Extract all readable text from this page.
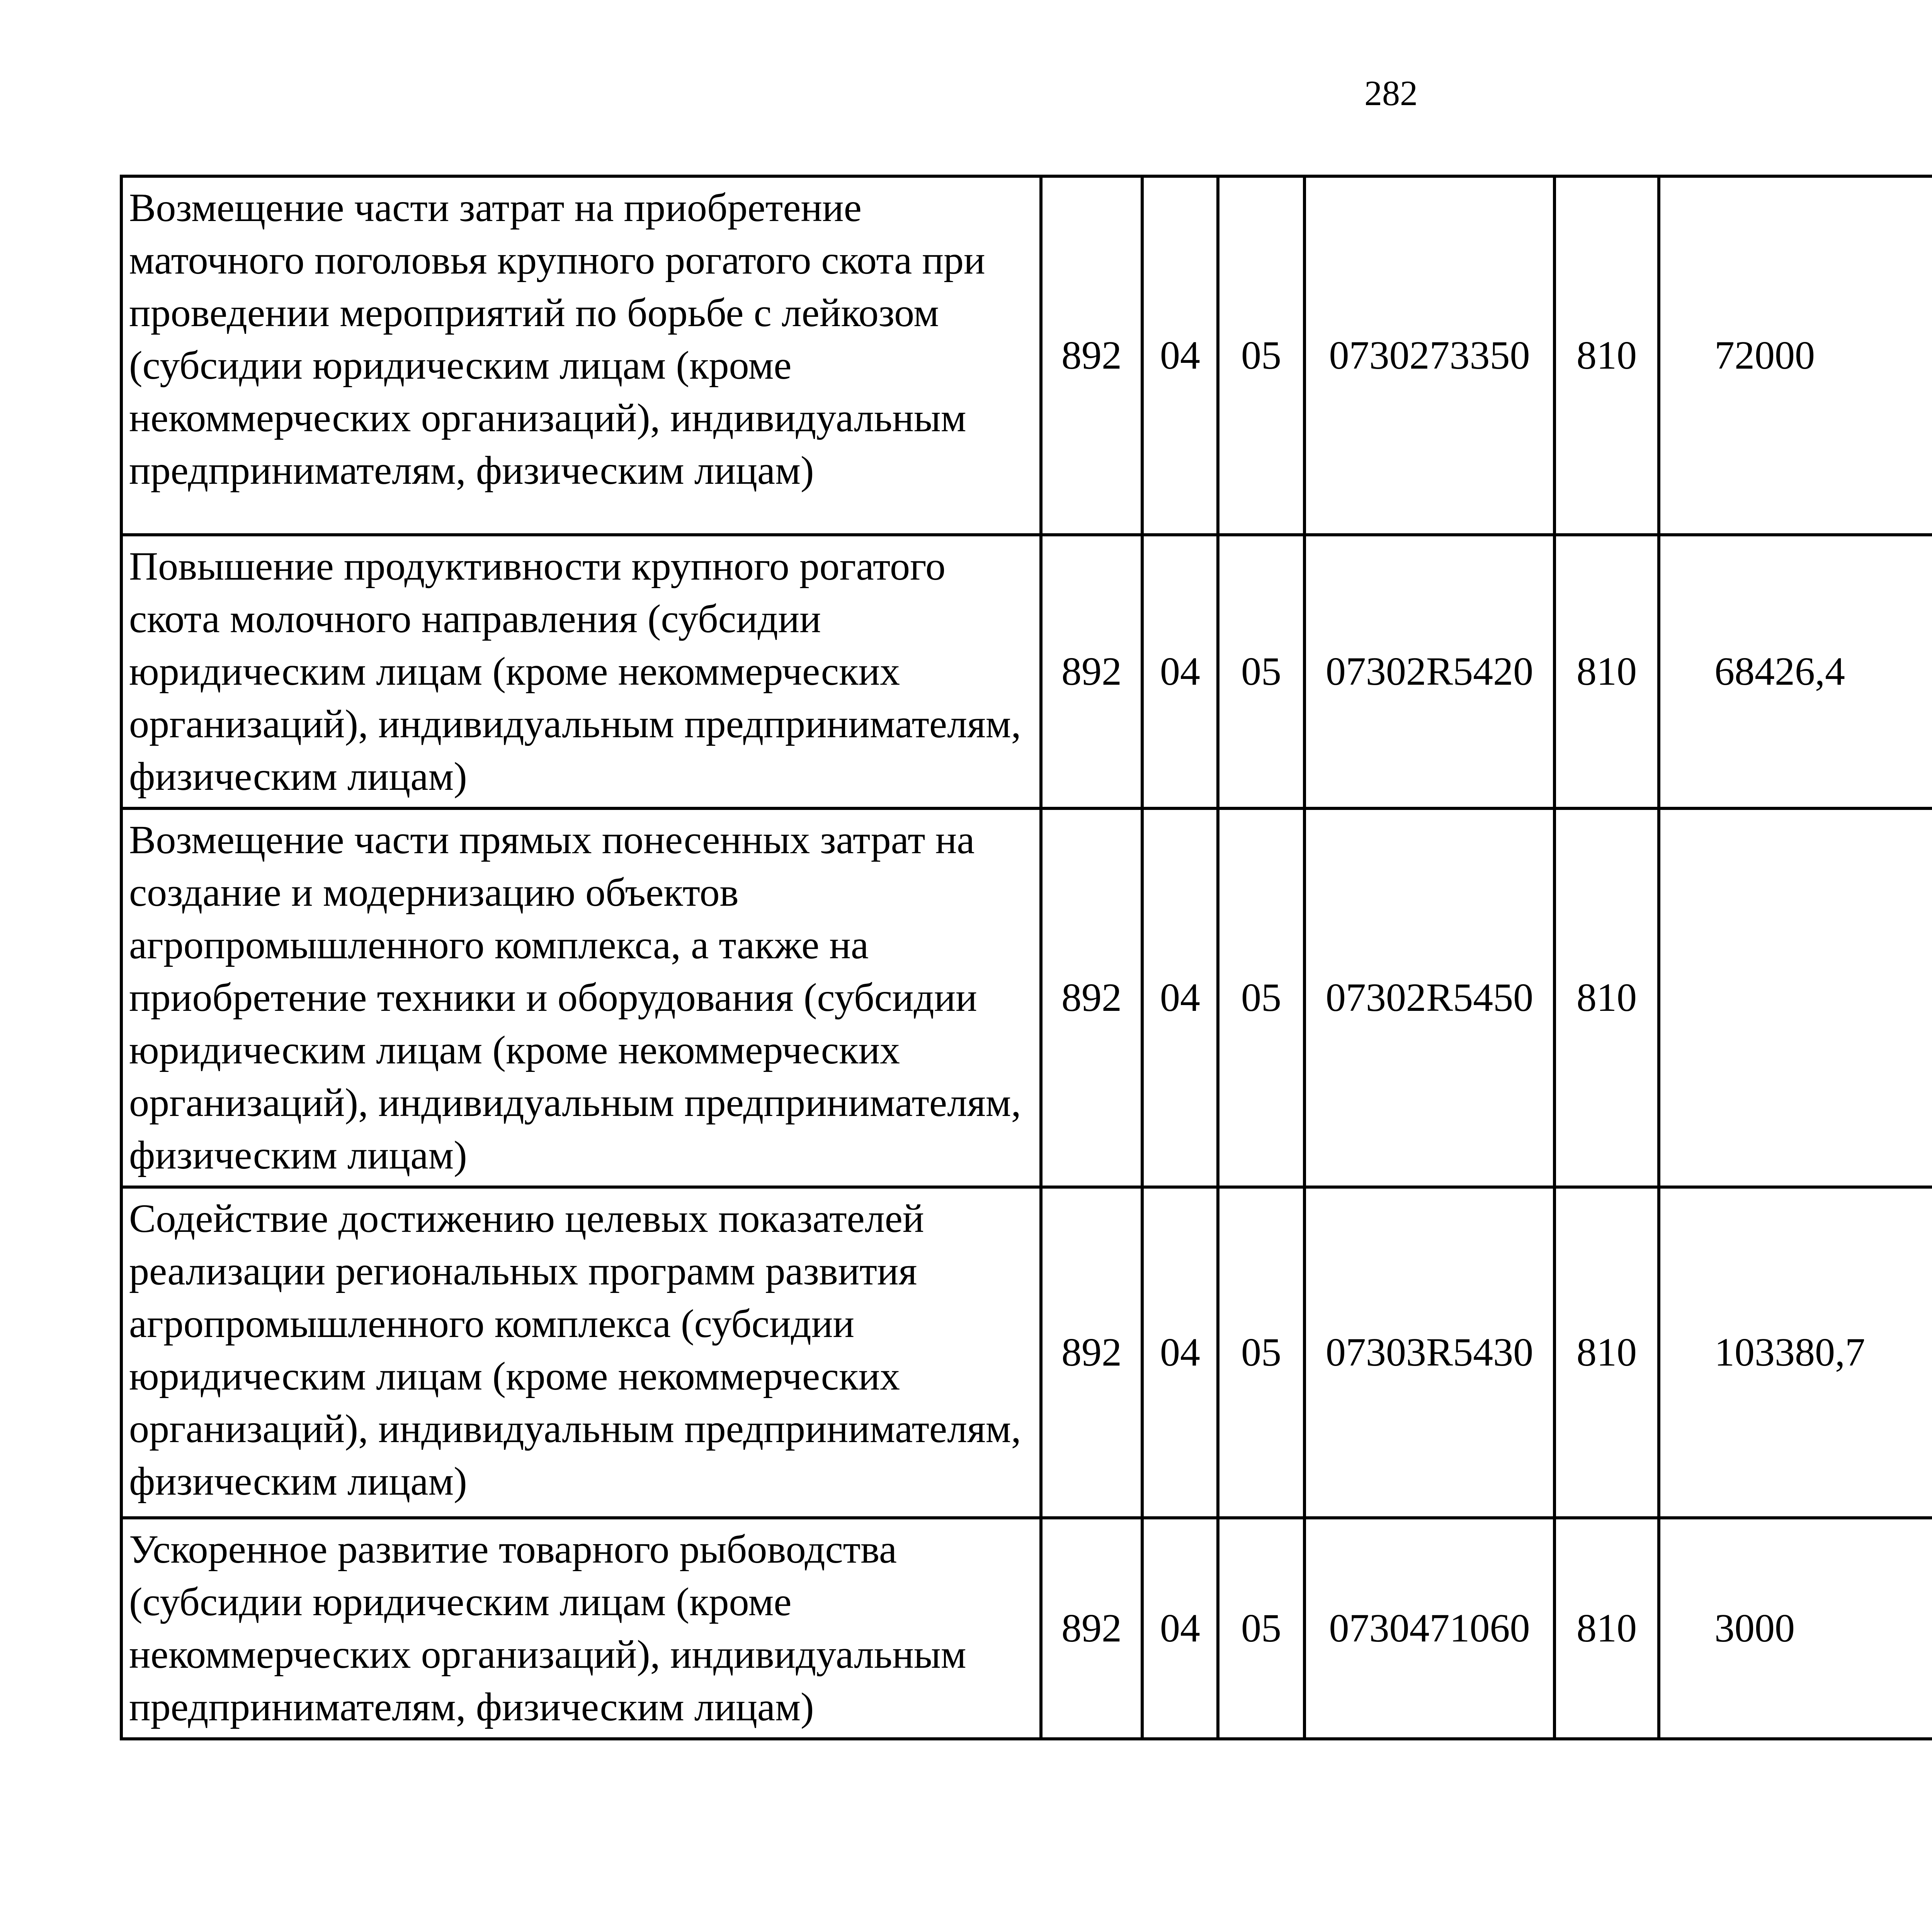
282
Возмещение части затрат на приобретение маточного поголовья крупного рогатого скота при проведении мероприятий по борьбе с лейкозом (субсидии юридическим лицам (кроме некоммерческих организаций), индивидуальным предпринимателям, физическим лицам)	892	04	05	0730273350	810	72000		
Повышение продуктивности крупного рогатого скота молочного направления (субсидии юридическим лицам (кроме некоммерческих организаций), индивидуальным предпринимателям, физическим лицам)	892	04	05	07302R5420	810	68426,4		
Возмещение части прямых понесенных затрат на создание и модернизацию объектов агропромышленного комплекса, а также на приобретение техники и оборудования (субсидии юридическим лицам (кроме некоммерческих организаций), индивидуальным предпринимателям, физическим лицам)	892	04	05	07302R5450	810			
Содействие достижению целевых показателей реализации региональных программ развития агропромышленного комплекса (субсидии юридическим лицам (кроме некоммерческих организаций), индивидуальным предпринимателям, физическим лицам)	892	04	05	07303R5430	810	103380,7		
Ускоренное развитие товарного рыбоводства (субсидии юридическим лицам (кроме некоммерческих организаций), индивидуальным предпринимателям, физическим лицам)	892	04	05	0730471060	810	3000		
